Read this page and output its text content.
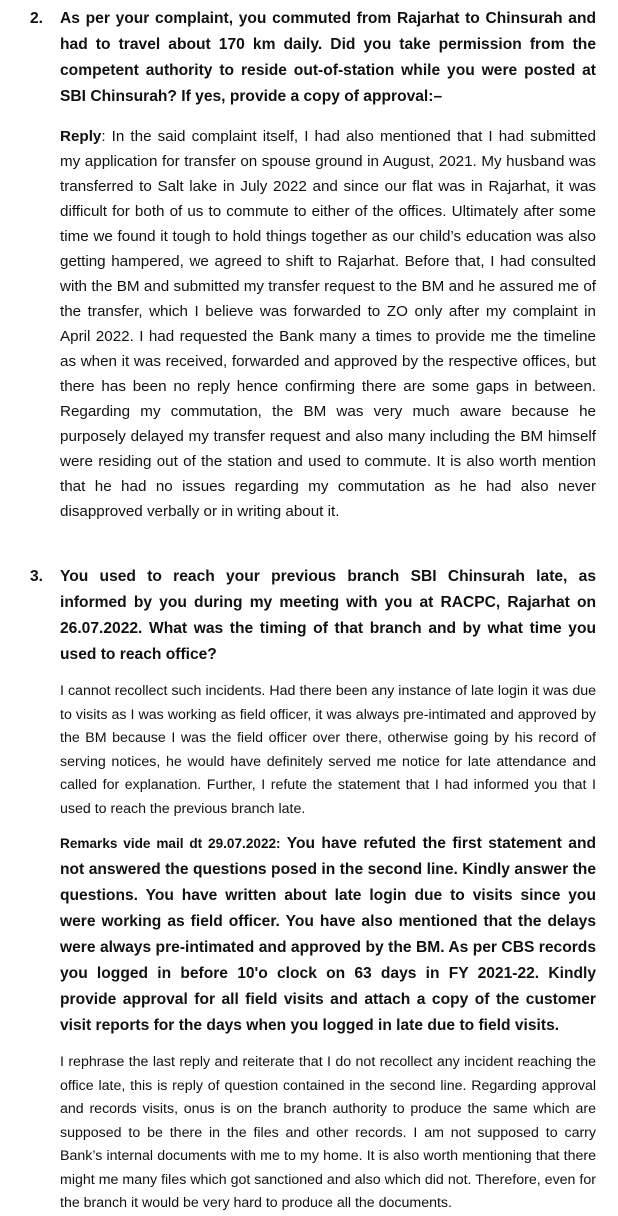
2.	As per your complaint, you commuted from Rajarhat to Chinsurah and had to travel about 170 km daily. Did you take permission from the competent authority to reside out-of-station while you were posted at SBI Chinsurah? If yes, provide a copy of approval:–

Reply: In the said complaint itself, I had also mentioned that I had submitted my application for transfer on spouse ground in August, 2021. My husband was transferred to Salt lake in July 2022 and since our flat was in Rajarhat, it was difficult for both of us to commute to either of the offices. Ultimately after some time we found it tough to hold things together as our child’s education was also getting hampered, we agreed to shift to Rajarhat. Before that, I had consulted with the BM and submitted my transfer request to the BM and he assured me of the transfer, which I believe was forwarded to ZO only after my complaint in April 2022. I had requested the Bank many a times to provide me the timeline as when it was received, forwarded and approved by the respective offices, but there has been no reply hence confirming there are some gaps in between. Regarding my commutation, the BM was very much aware because he purposely delayed my transfer request and also many including the BM himself were residing out of the station and used to commute. It is also worth mention that he had no issues regarding my commutation as he had also never disapproved verbally or in writing about it.

3.	You used to reach your previous branch SBI Chinsurah late, as informed by you during my meeting with you at RACPC, Rajarhat on 26.07.2022. What was the timing of that branch and by what time you used to reach office?

I cannot recollect such incidents. Had there been any instance of late login it was due to visits as I was working as field officer, it was always pre-intimated and approved by the BM because I was the field officer over there, otherwise going by his record of serving notices, he would have definitely served me notice for late attendance and called for explanation. Further, I refute the statement that I had informed you that I used to reach the previous branch late.

Remarks vide mail dt 29.07.2022: You have refuted the first statement and not answered the questions posed in the second line. Kindly answer the questions. You have written about late login due to visits since you were working as field officer. You have also mentioned that the delays were always pre-intimated and approved by the BM. As per CBS records you logged in before 10'o clock on 63 days in FY 2021-22. Kindly provide approval for all field visits and attach a copy of the customer visit reports for the days when you logged in late due to field visits.

I rephrase the last reply and reiterate that I do not recollect any incident reaching the office late, this is reply of question contained in the second line. Regarding approval and records visits, onus is on the branch authority to produce the same which are supposed to be there in the files and other records. I am not supposed to carry Bank’s internal documents with me to my home. It is also worth mentioning that there might me many files which got sanctioned and also which did not. Therefore, even for the branch it would be very hard to produce all the documents.
